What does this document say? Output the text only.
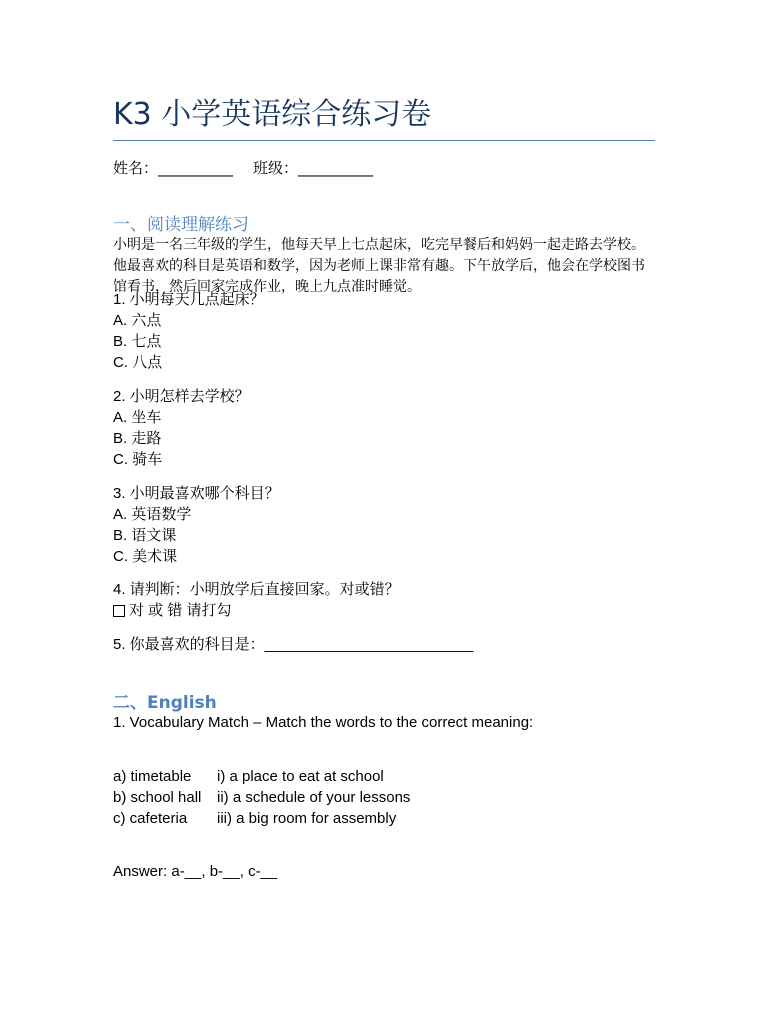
K3 小学英语综合练习卷
姓名：__________ 班级：__________
一、阅读理解练习
小明是一名三年级的学生，他每天早上七点起床，吃完早餐后和妈妈一起走路去学校。他最喜欢的科目是英语和数学，因为老师上课非常有趣。下午放学后，他会在学校图书馆看书，然后回家完成作业，晚上九点准时睡觉。
1. 小明每天几点起床？
A. 六点
B. 七点
C. 八点
2. 小明怎样去学校？
A. 坐车
B. 走路
C. 骑车
3. 小明最喜欢哪个科目？
A. 英语数学
B. 语文课
C. 美术课
4. 请判断：小明放学后直接回家。对或错？
对 或 错 请打勾
5. 你最喜欢的科目是：_________________________
二、English
1. Vocabulary Match – Match the words to the correct meaning:
a) timetable i) a place to eat at school
b) school hall ii) a schedule of your lessons
c) cafeteria iii) a big room for assembly
Answer: a-__, b-__, c-__
